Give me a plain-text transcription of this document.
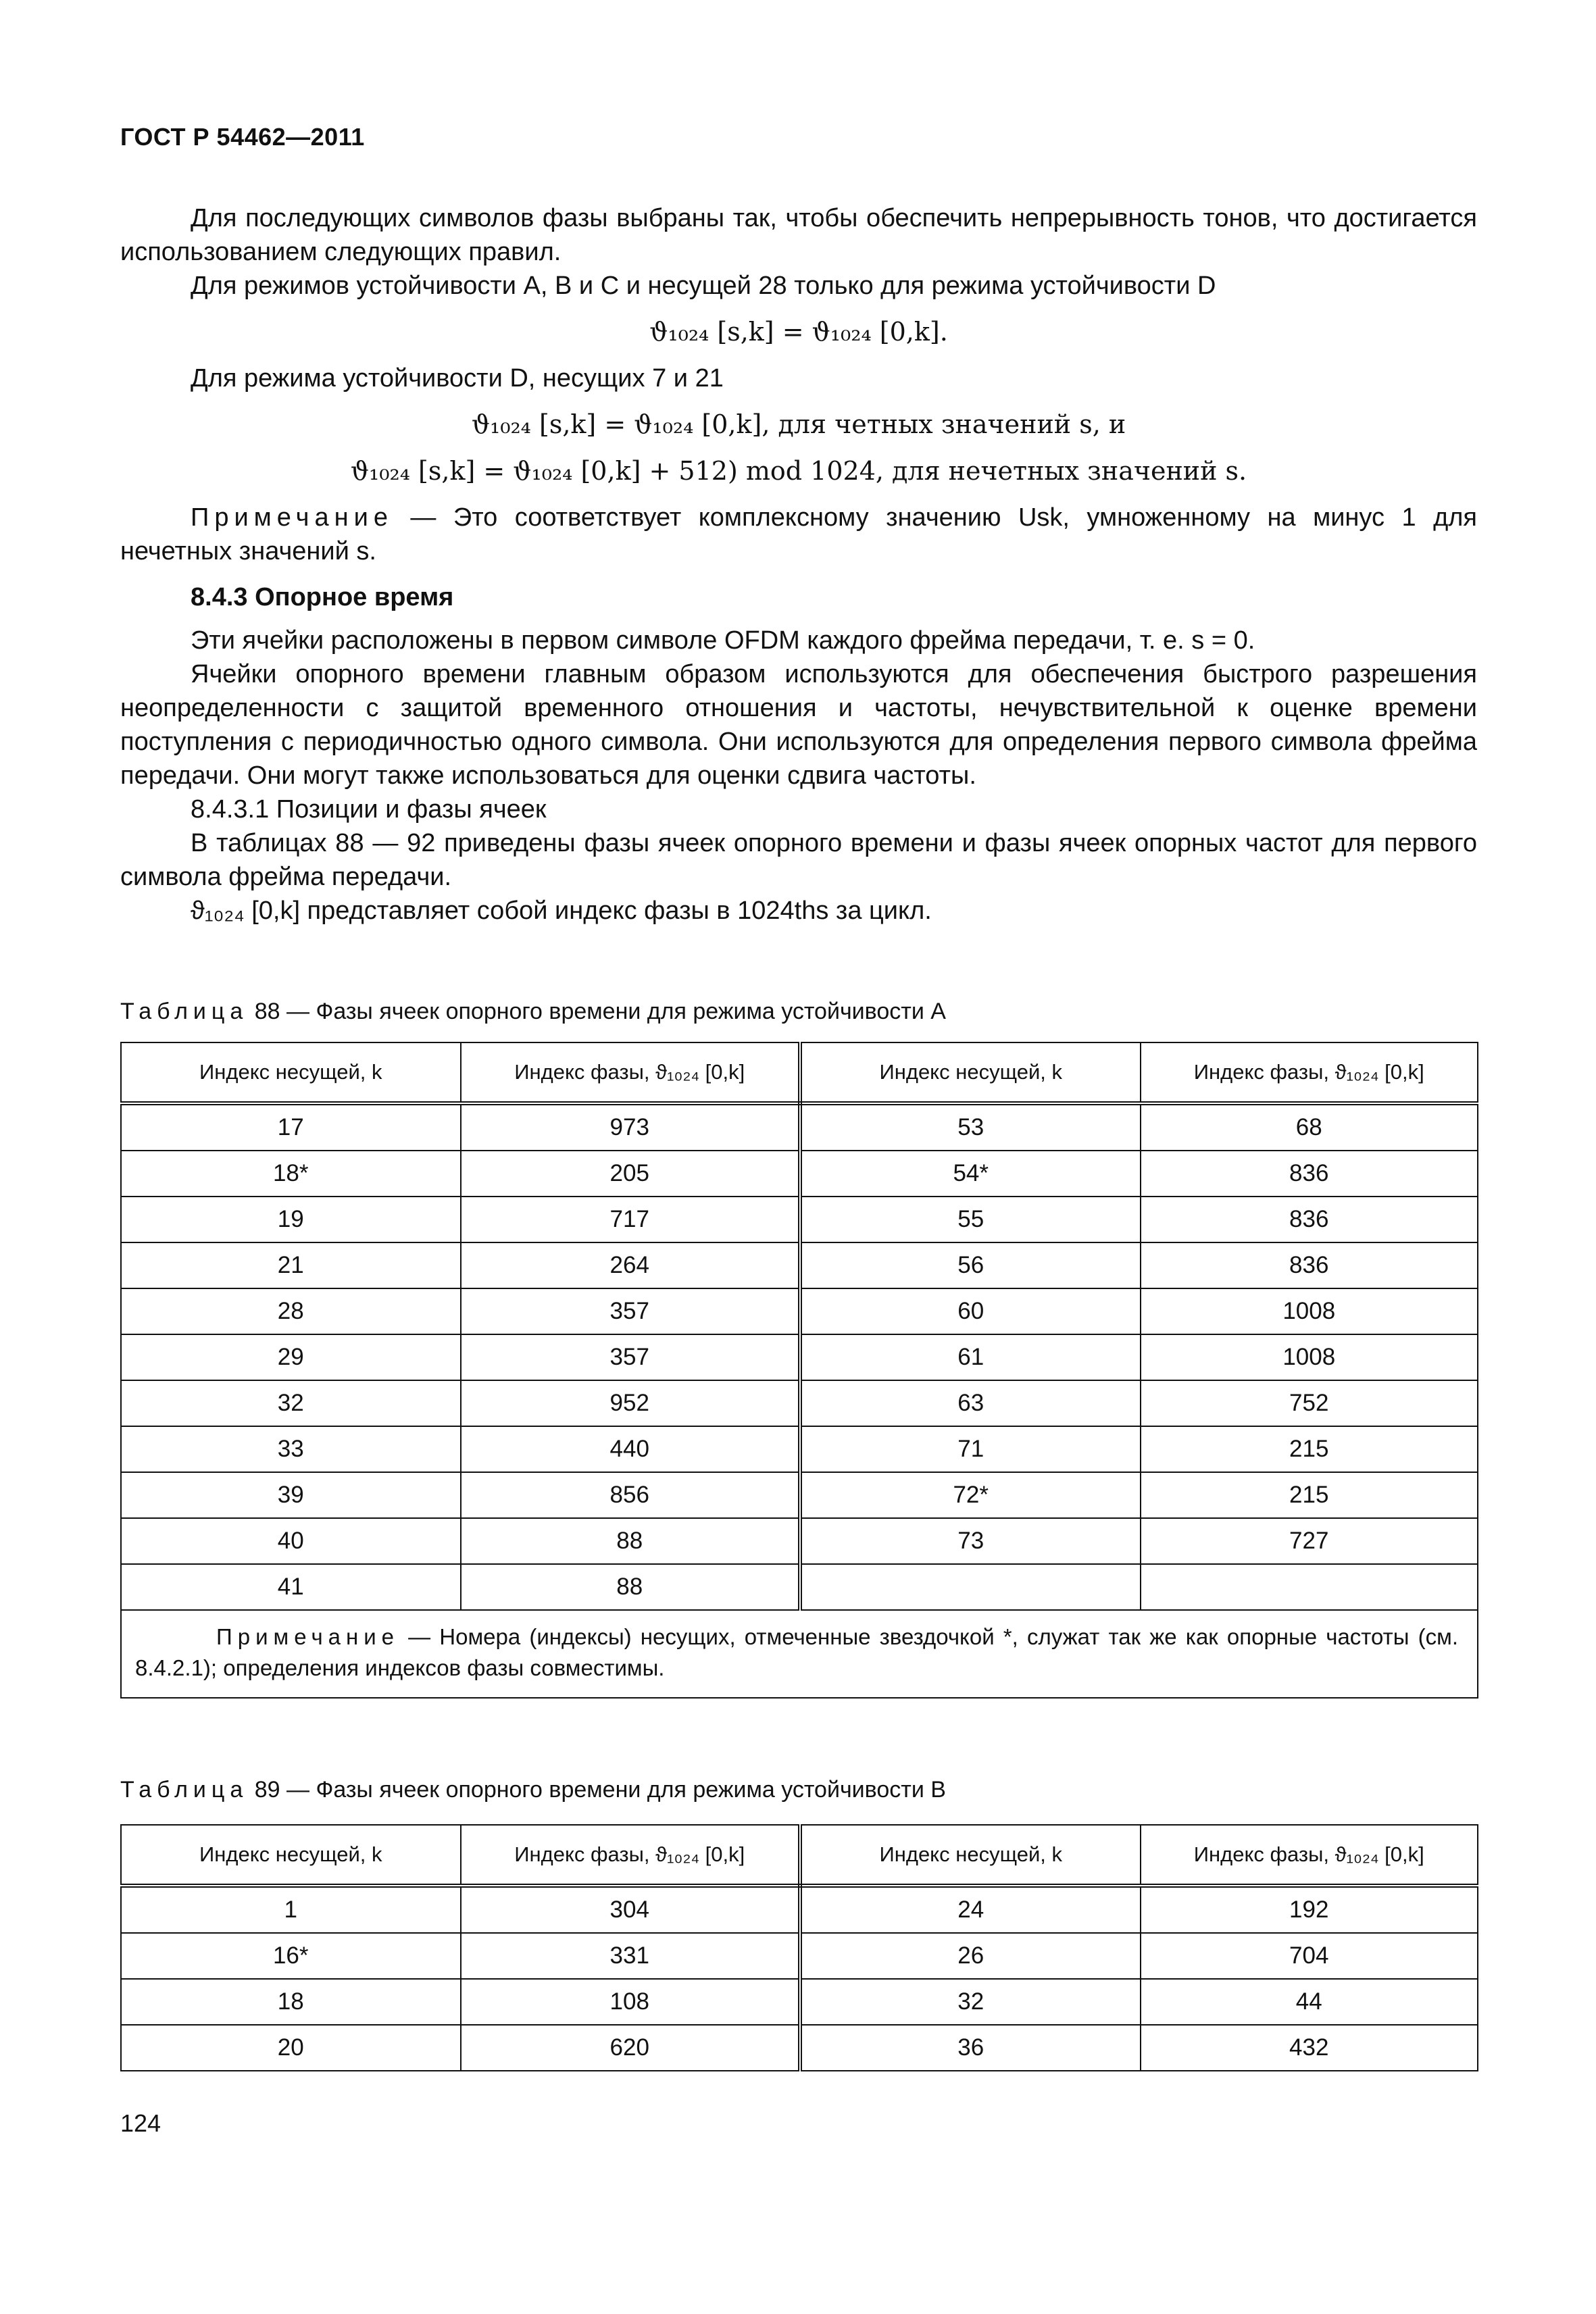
ГОСТ Р 54462—2011

Для последующих символов фазы выбраны так, чтобы обеспечить непрерывность тонов, что достигается использованием следующих правил.

Для режимов устойчивости A, B и C и несущей 28 только для режима устойчивости D

ϑ₁₀₂₄ [s,k] = ϑ₁₀₂₄ [0,k].

Для режима устойчивости D, несущих 7 и 21

ϑ₁₀₂₄ [s,k] = ϑ₁₀₂₄ [0,k], для четных значений s, и

ϑ₁₀₂₄ [s,k] = ϑ₁₀₂₄ [0,k] + 512) mod 1024, для нечетных значений s.

Примечание — Это соответствует комплексному значению Usk, умноженному на минус 1 для нечетных значений s.

8.4.3 Опорное время

Эти ячейки расположены в первом символе OFDM каждого фрейма передачи, т. е. s = 0.

Ячейки опорного времени главным образом используются для обеспечения быстрого разрешения неопределенности с защитой временного отношения и частоты, нечувствительной к оценке времени поступления с периодичностью одного символа. Они используются для определения первого символа фрейма передачи. Они могут также использоваться для оценки сдвига частоты.

8.4.3.1 Позиции и фазы ячеек

В таблицах 88 — 92 приведены фазы ячеек опорного времени и фазы ячеек опорных частот для первого символа фрейма передачи.

ϑ₁₀₂₄ [0,k] представляет собой индекс фазы в 1024ths за цикл.

Таблица 88 — Фазы ячеек опорного времени для режима устойчивости A
Индекс несущей, k	Индекс фазы, ϑ₁₀₂₄ [0,k]	Индекс несущей, k	Индекс фазы, ϑ₁₀₂₄ [0,k]
17	973	53	68
18*	205	54*	836
19	717	55	836
21	264	56	836
28	357	60	1008
29	357	61	1008
32	952	63	752
33	440	71	215
39	856	72*	215
40	88	73	727
41	88		
Примечание — Номера (индексы) несущих, отмеченные звездочкой *, служат так же как опорные частоты (см. 8.4.2.1); определения индексов фазы совместимы.			
Таблица 89 — Фазы ячеек опорного времени для режима устойчивости B
Индекс несущей, k	Индекс фазы, ϑ₁₀₂₄ [0,k]	Индекс несущей, k	Индекс фазы, ϑ₁₀₂₄ [0,k]
1	304	24	192
16*	331	26	704
18	108	32	44
20	620	36	432
124
